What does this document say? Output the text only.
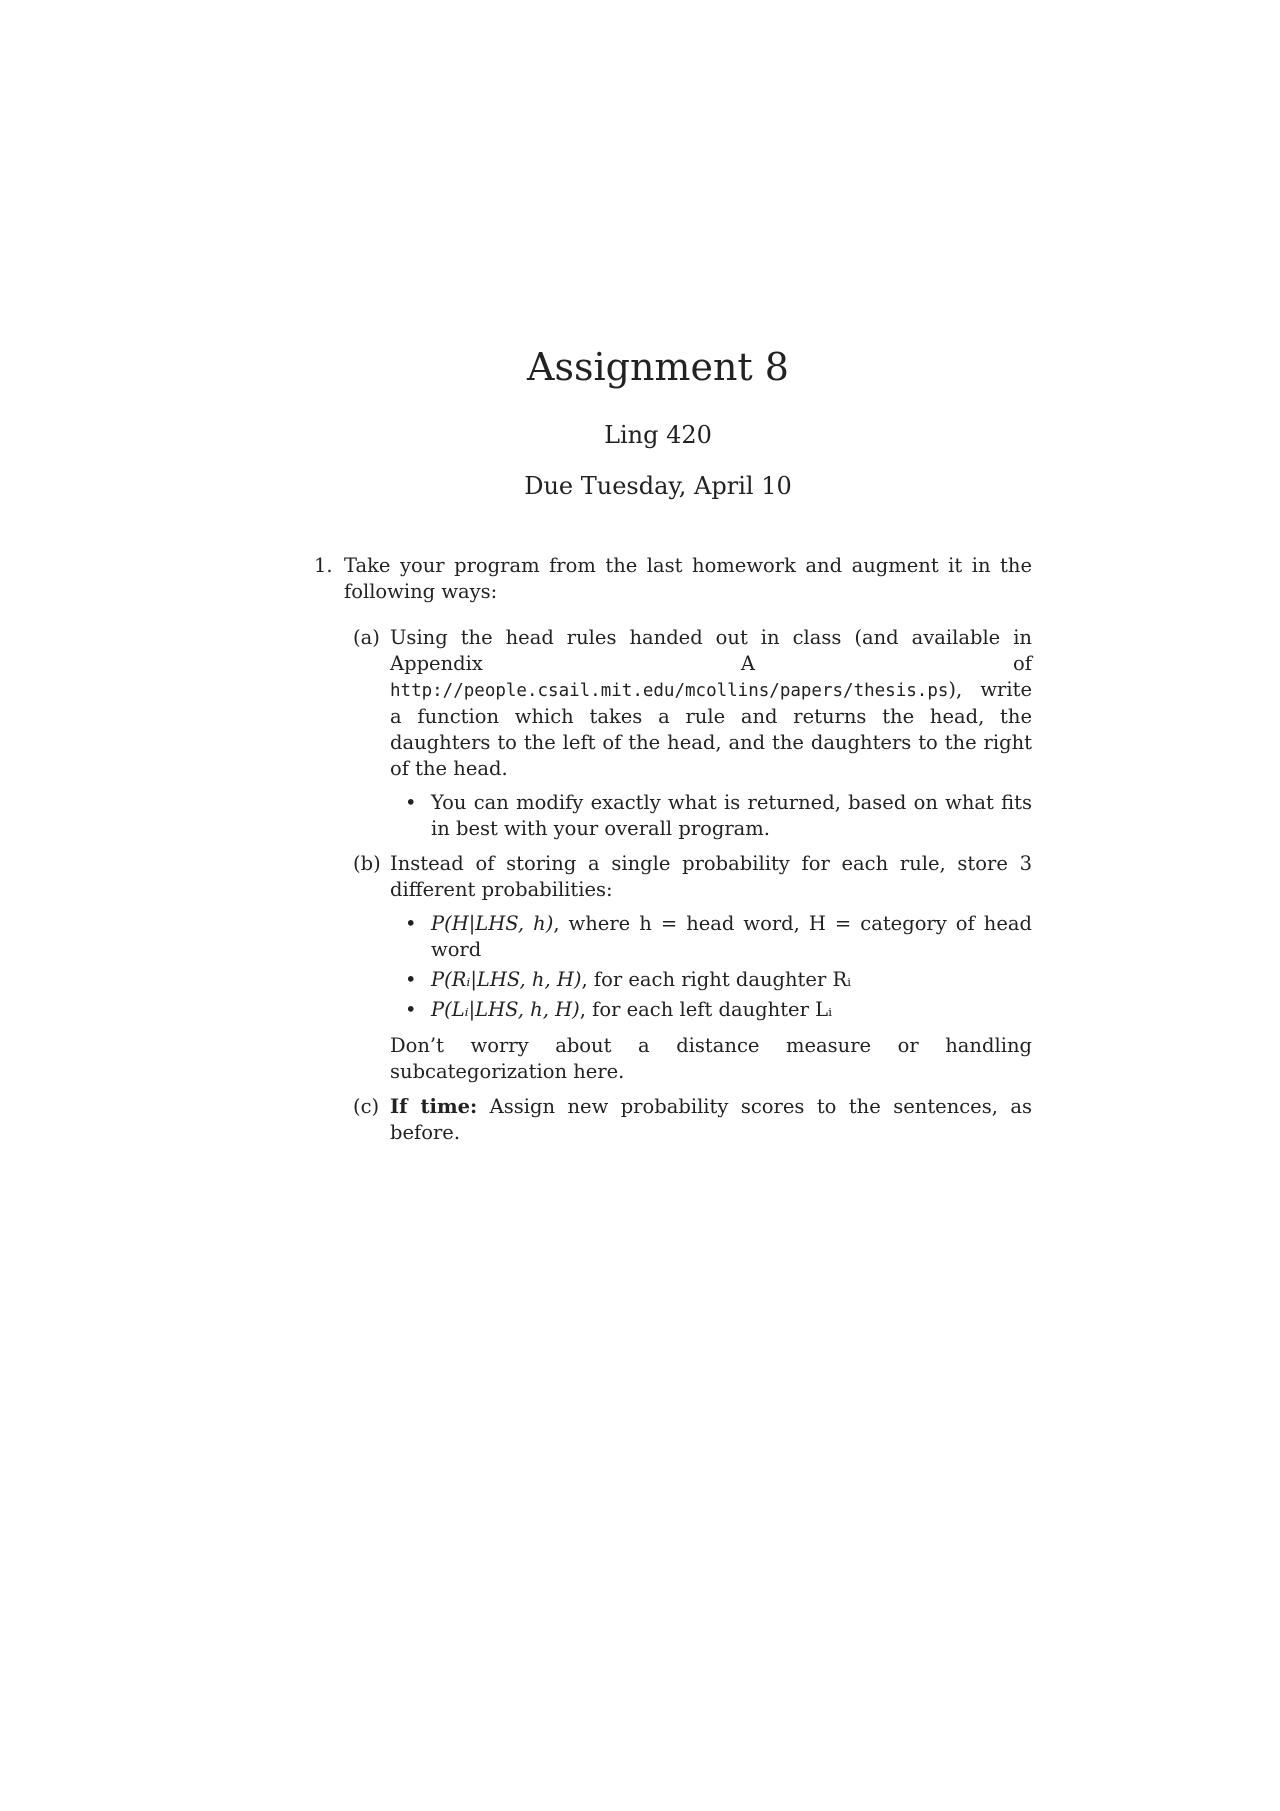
Assignment 8
Ling 420
Due Tuesday, April 10
1. Take your program from the last homework and augment it in the following ways:
(a) Using the head rules handed out in class (and available in Appendix A of http://people.csail.mit.edu/mcollins/papers/thesis.ps), write a function which takes a rule and returns the head, the daughters to the left of the head, and the daughters to the right of the head.
• You can modify exactly what is returned, based on what fits in best with your overall program.
(b) Instead of storing a single probability for each rule, store 3 different probabilities:
• P(H|LHS, h), where h = head word, H = category of head word
• P(Rᵢ|LHS, h, H), for each right daughter Rᵢ
• P(Lᵢ|LHS, h, H), for each left daughter Lᵢ
Don’t worry about a distance measure or handling subcategorization here.
(c) If time: Assign new probability scores to the sentences, as before.
